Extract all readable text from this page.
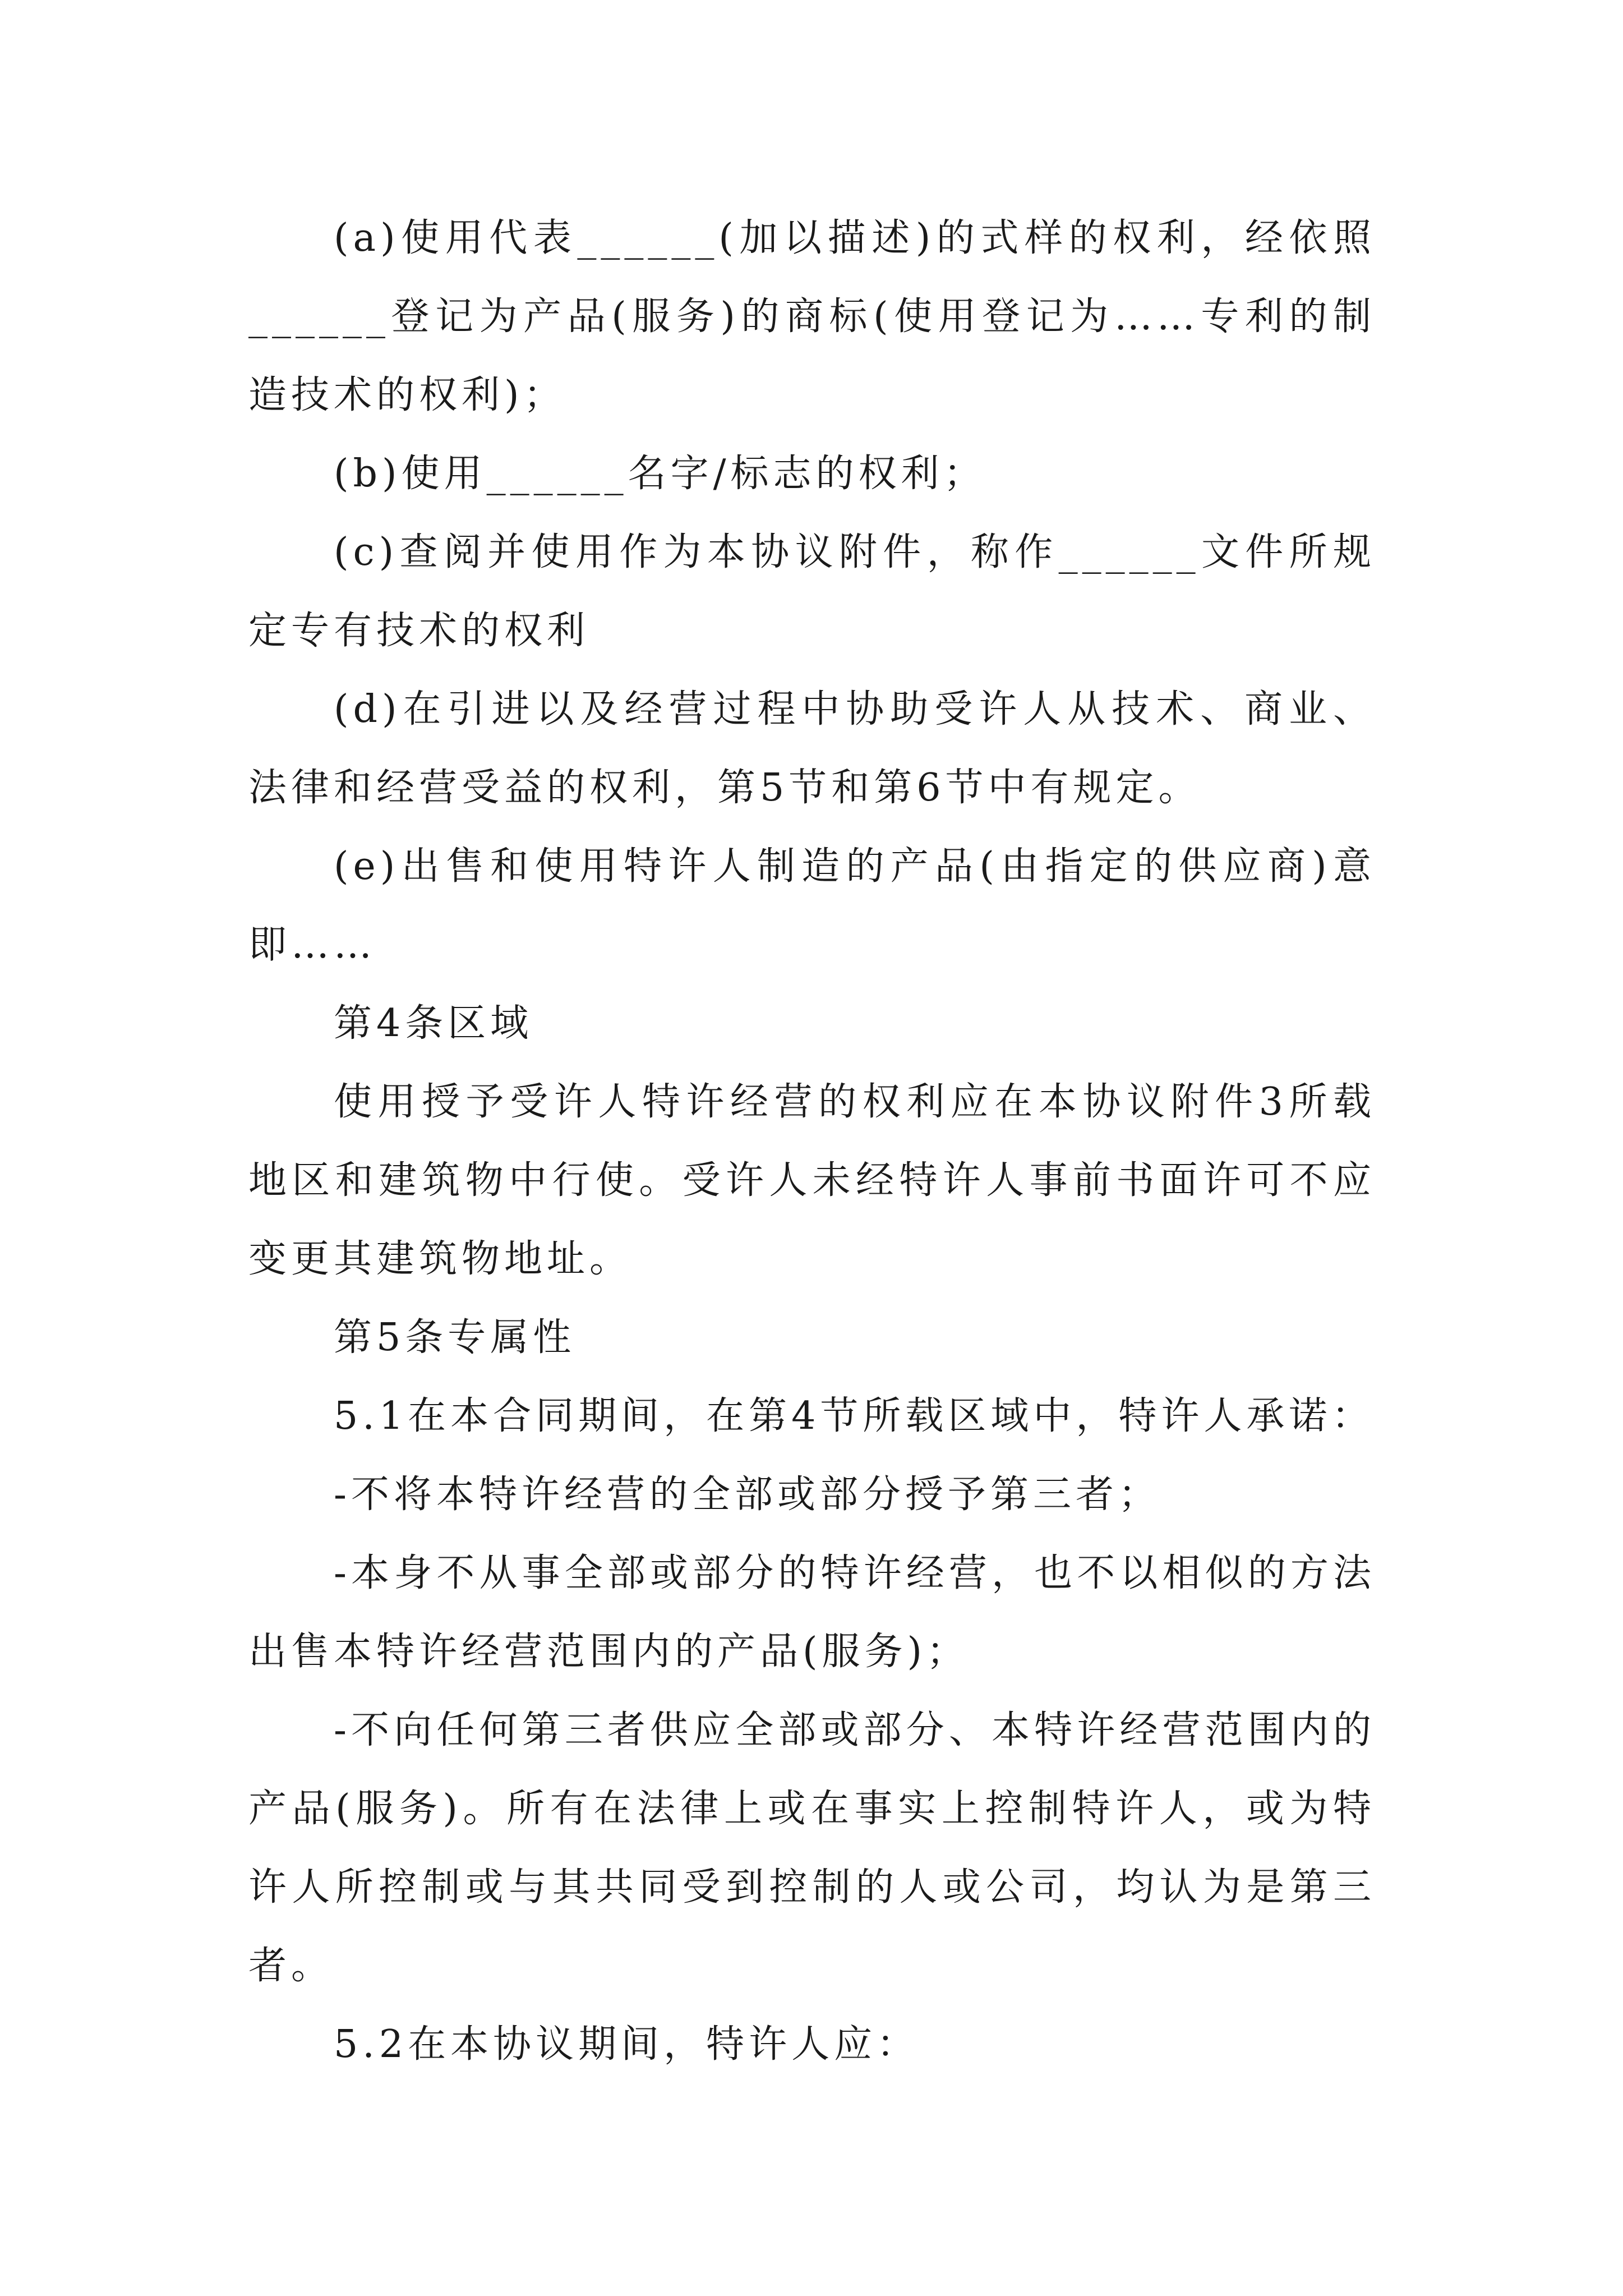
(a)使用代表______(加以描述)的式样的权利，经依照______登记为产品(服务)的商标(使用登记为……专利的制造技术的权利)；

(b)使用______名字/标志的权利；

(c)查阅并使用作为本协议附件，称作______文件所规定专有技术的权利

(d)在引进以及经营过程中协助受许人从技术、商业、法律和经营受益的权利，第5节和第6节中有规定。

(e)出售和使用特许人制造的产品(由指定的供应商)意即……

第4条区域

使用授予受许人特许经营的权利应在本协议附件3所载地区和建筑物中行使。受许人未经特许人事前书面许可不应变更其建筑物地址。

第5条专属性

5.1在本合同期间，在第4节所载区域中，特许人承诺：

-不将本特许经营的全部或部分授予第三者；

-本身不从事全部或部分的特许经营，也不以相似的方法出售本特许经营范围内的产品(服务)；

-不向任何第三者供应全部或部分、本特许经营范围内的产品(服务)。所有在法律上或在事实上控制特许人，或为特许人所控制或与其共同受到控制的人或公司，均认为是第三者。

5.2在本协议期间，特许人应：
